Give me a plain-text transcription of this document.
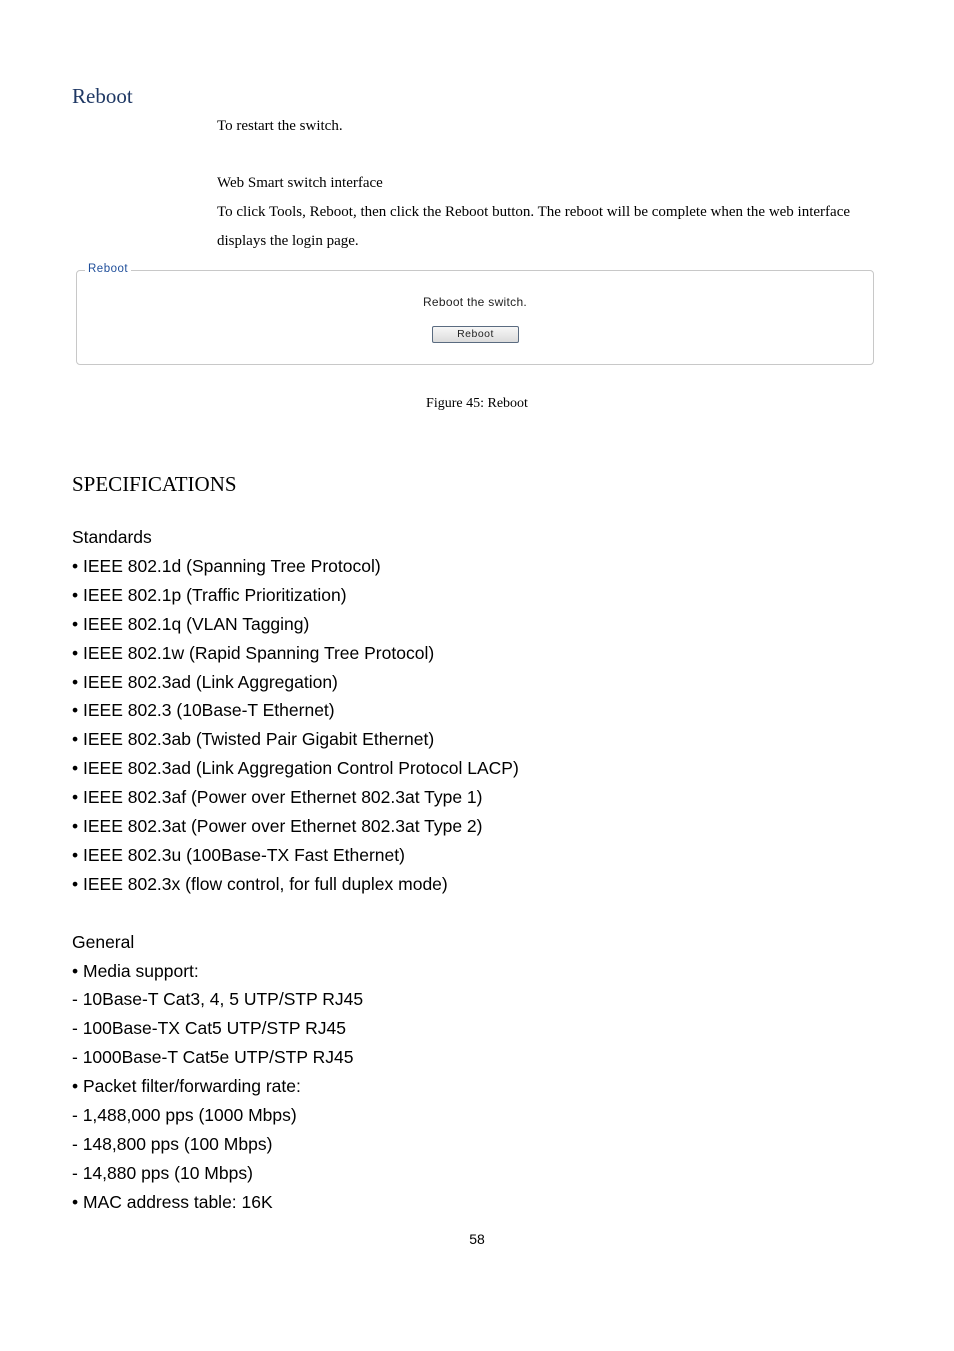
Reboot
To restart the switch.
Web Smart switch interface
To click Tools, Reboot, then click the Reboot button. The reboot will be complete when the web interface displays the login page.
Reboot
Reboot the switch.
Reboot
Figure 45: Reboot
SPECIFICATIONS
Standards
• IEEE 802.1d (Spanning Tree Protocol)
• IEEE 802.1p (Traffic Prioritization)
• IEEE 802.1q (VLAN Tagging)
• IEEE 802.1w (Rapid Spanning Tree Protocol)
• IEEE 802.3ad (Link Aggregation)
• IEEE 802.3 (10Base-T Ethernet)
• IEEE 802.3ab (Twisted Pair Gigabit Ethernet)
• IEEE 802.3ad (Link Aggregation Control Protocol LACP)
• IEEE 802.3af (Power over Ethernet 802.3at Type 1)
• IEEE 802.3at (Power over Ethernet 802.3at Type 2)
• IEEE 802.3u (100Base-TX Fast Ethernet)
• IEEE 802.3x (flow control, for full duplex mode)
General
• Media support:
- 10Base-T Cat3, 4, 5 UTP/STP RJ45
- 100Base-TX Cat5 UTP/STP RJ45
- 1000Base-T Cat5e UTP/STP RJ45
• Packet filter/forwarding rate:
- 1,488,000 pps (1000 Mbps)
- 148,800 pps (100 Mbps)
- 14,880 pps (10 Mbps)
• MAC address table: 16K
58
